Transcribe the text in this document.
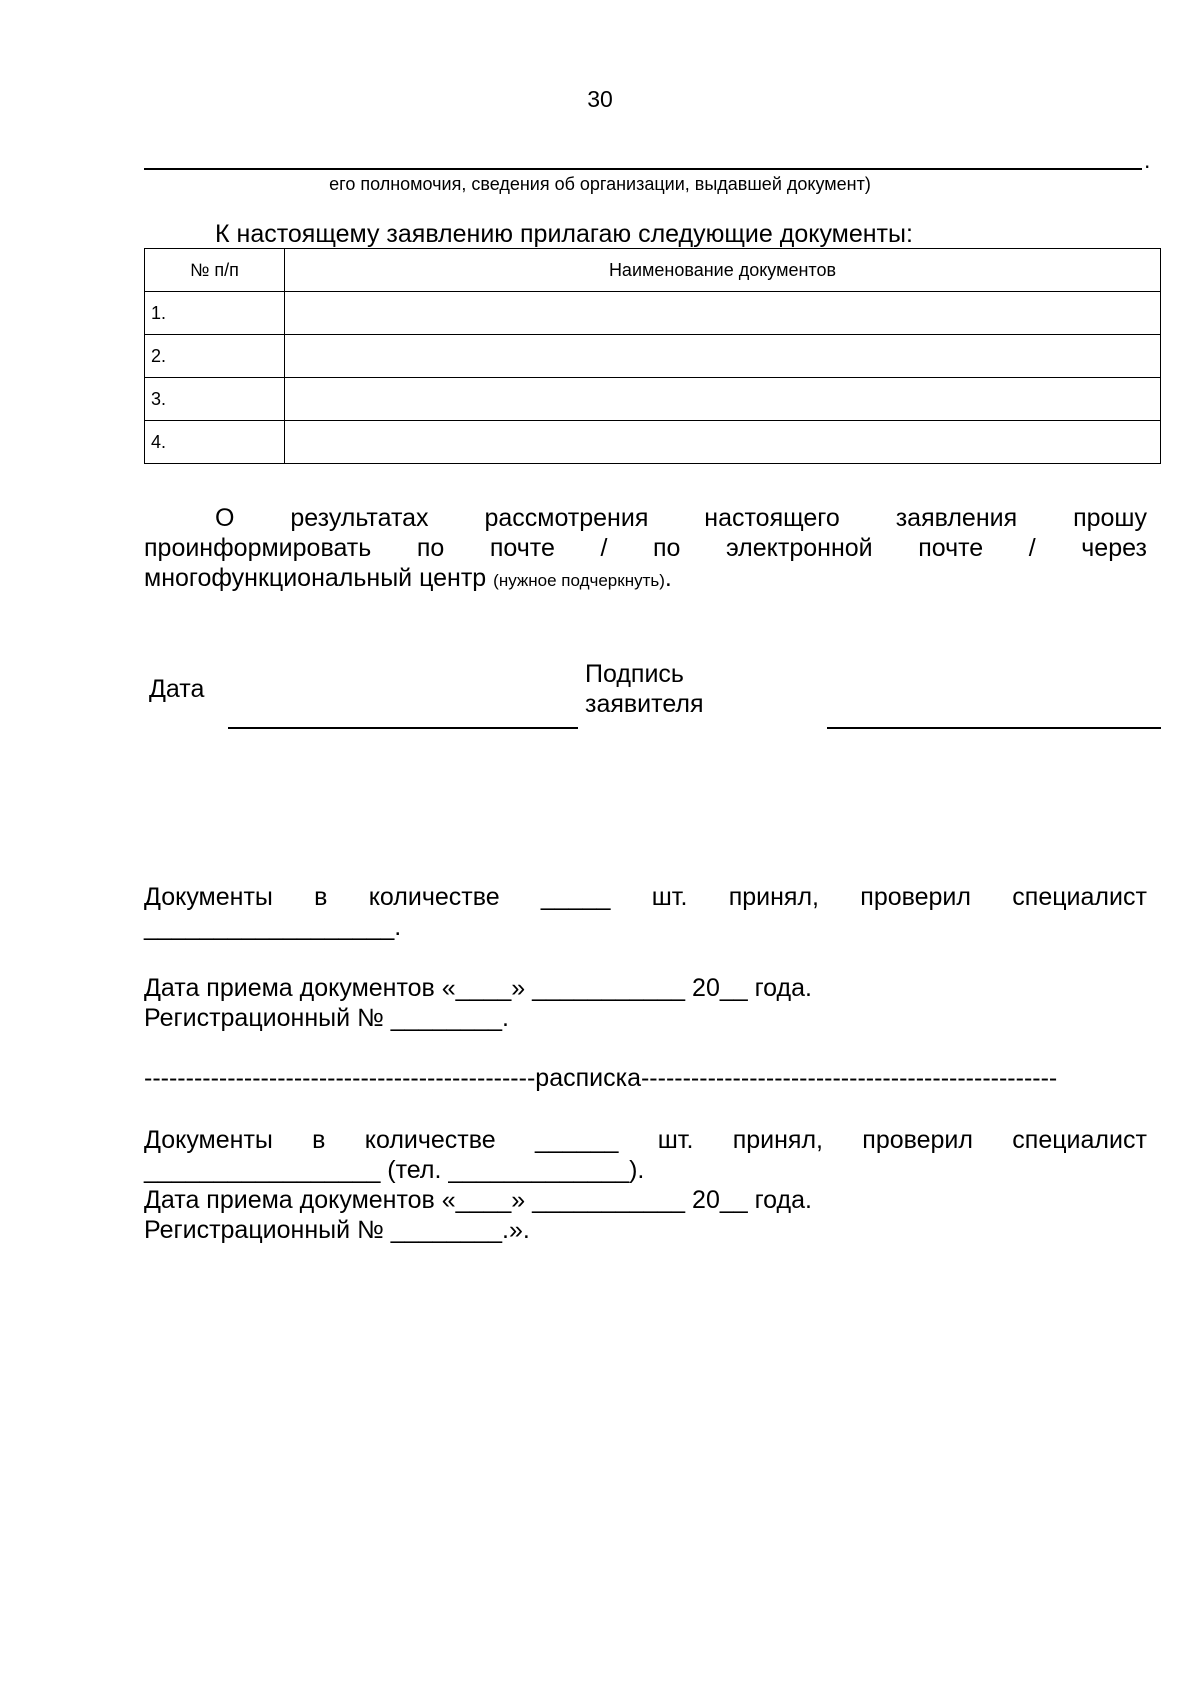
30
.
его полномочия, сведения об организации, выдавшей документ)
К настоящему заявлению прилагаю следующие документы:
№ п/п	Наименование документов
1.	
2.	
3.	
4.	
О результатах рассмотрения настоящего заявления прошу
проинформировать по почте / по электронной почте / через
многофункциональный центр (нужное подчеркнуть).
Дата
Подпись
заявителя
Документы в количестве _____ шт. принял, проверил специалист
__________________.
Дата приема документов «____» ___________ 20__ года.
Регистрационный № ________.
-----------------------------------------------расписка--------------------------------------------------
Документы в количестве ______ шт. принял, проверил специалист
_________________ (тел. _____________).
Дата приема документов «____» ___________ 20__ года.
Регистрационный № ________.».
